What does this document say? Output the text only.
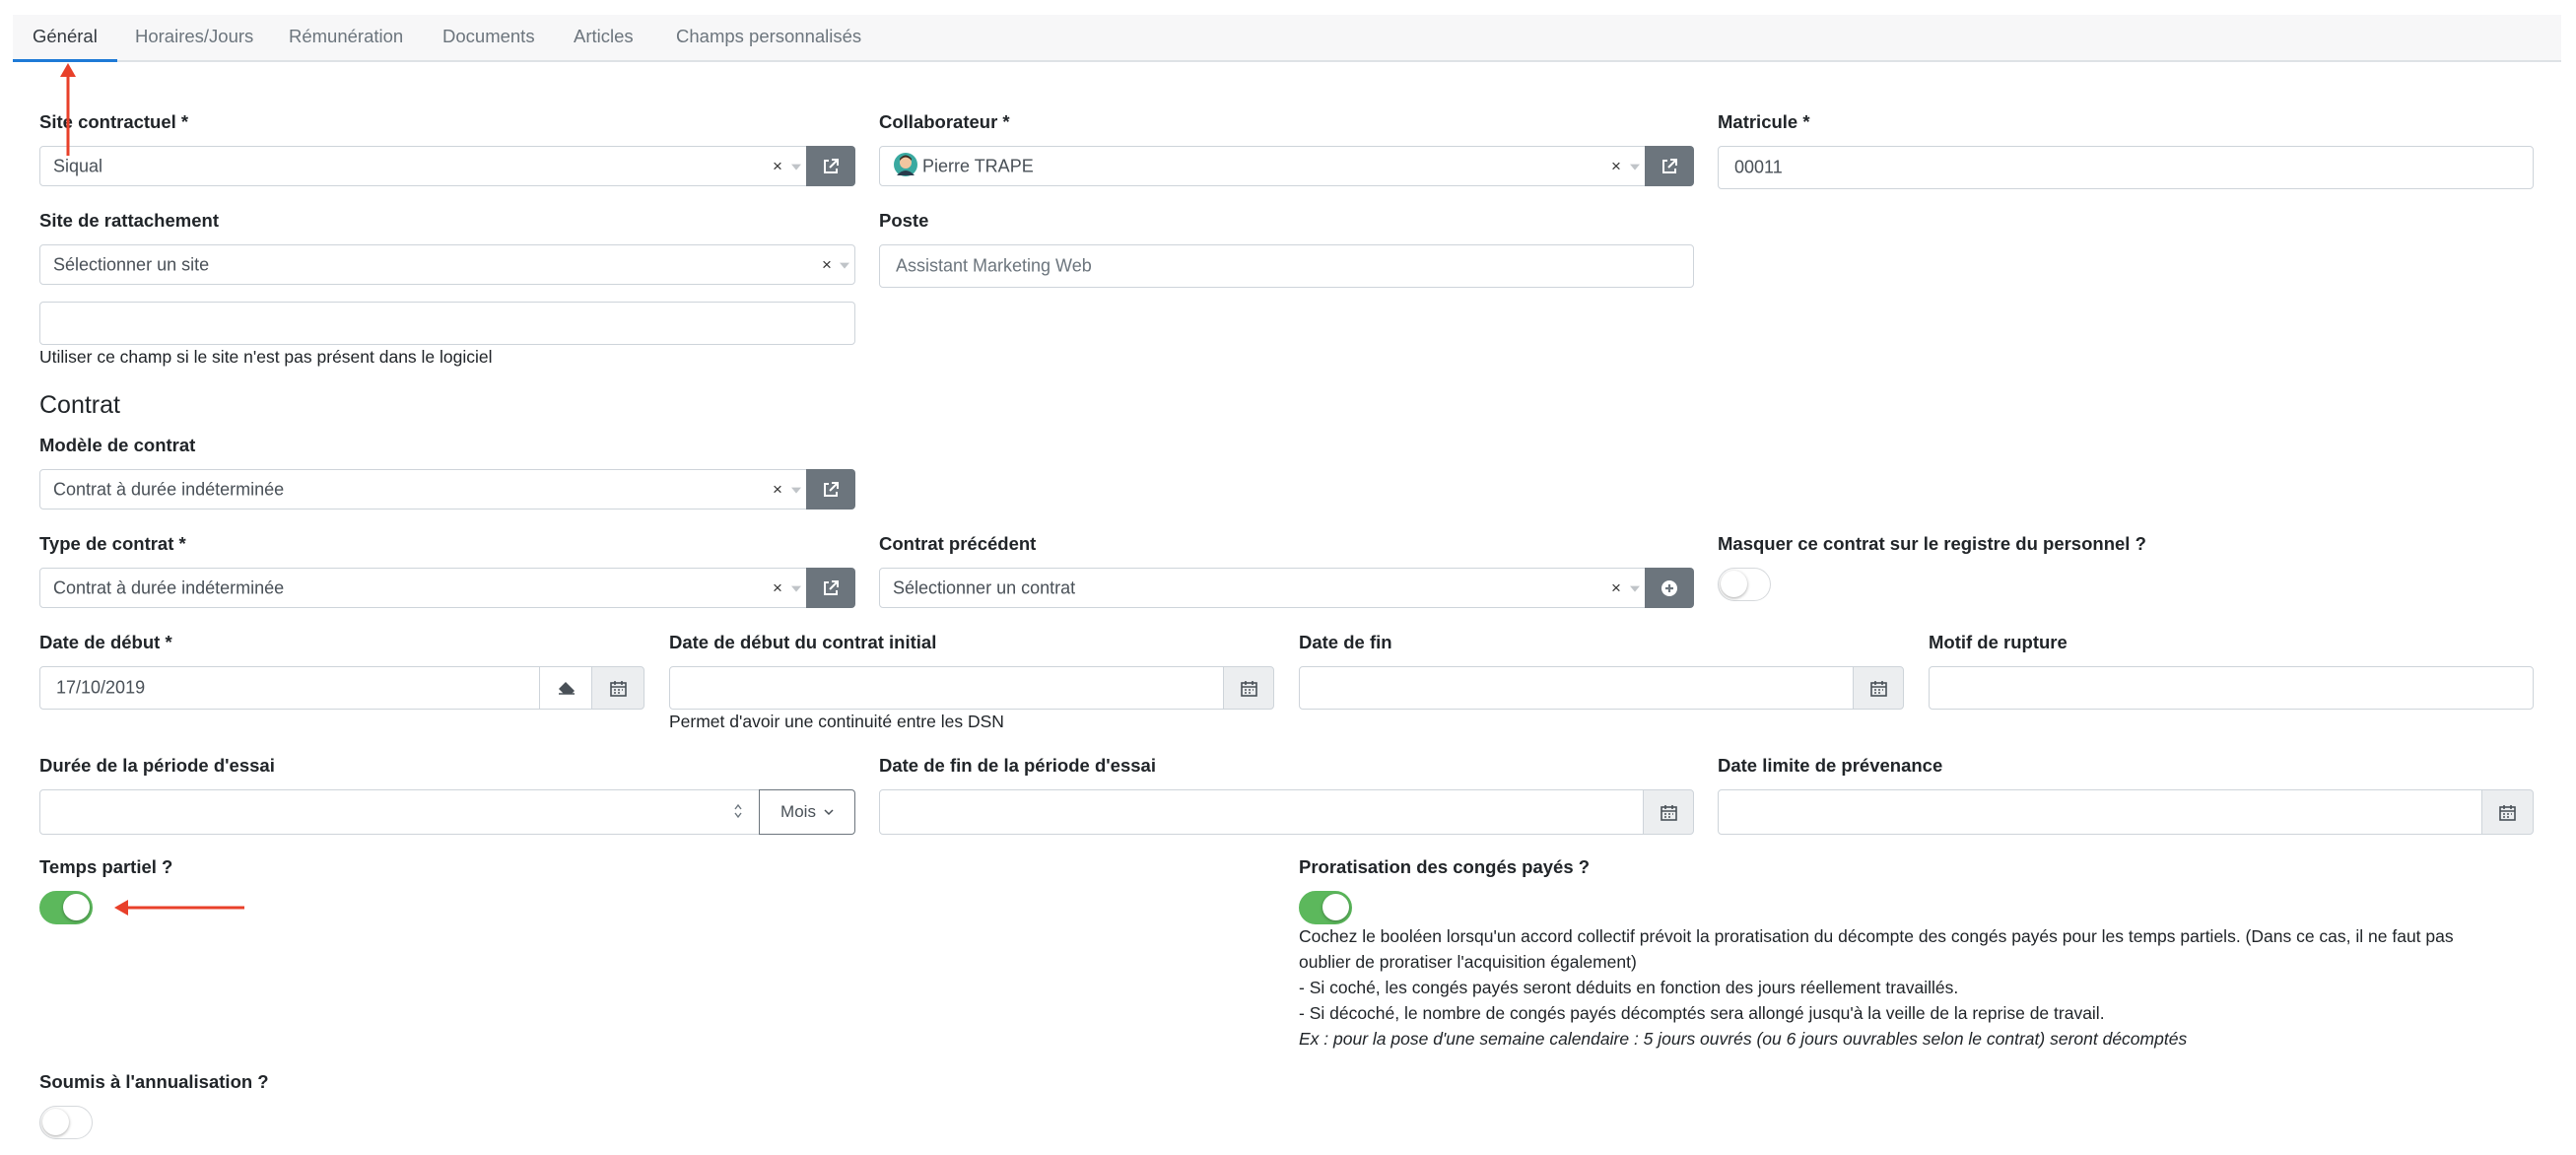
Général	Horaires/Jours Rémunération Documents Articles Champs personnalisés
Site contractuel *
Siqual	×
Collaborateur *
Pierre TRAPE	×
Matricule *
00011
Site de rattachement
Sélectionner un site	×
Poste
Assistant Marketing Web
Utiliser ce champ si le site n'est pas présent dans le logiciel
Contrat
Modèle de contrat
Contrat à durée indéterminée	×
Type de contrat *
Contrat à durée indéterminée	×
Contrat précédent
Sélectionner un contrat	×
Masquer ce contrat sur le registre du personnel ?
Date de début *
17/10/2019
Date de début du contrat initial
Permet d'avoir une continuité entre les DSN
Date de fin	Motif de rupture
Durée de la période d'essai
Mois
Date de fin de la période d'essai	Date limite de prévenance
Temps partiel ?	Proratisation des congés payés ?
Cochez le booléen lorsqu'un accord collectif prévoit la proratisation du décompte des congés payés pour les temps partiels. (Dans ce cas, il ne faut pas
oublier de proratiser l'acquisition également)
- Si coché, les congés payés seront déduits en fonction des jours réellement travaillés.
- Si décoché, le nombre de congés payés décomptés sera allongé jusqu'à la veille de la reprise de travail.
Ex : pour la pose d'une semaine calendaire : 5 jours ouvrés (ou 6 jours ouvrables selon le contrat) seront décomptés
Soumis à l'annualisation ?
